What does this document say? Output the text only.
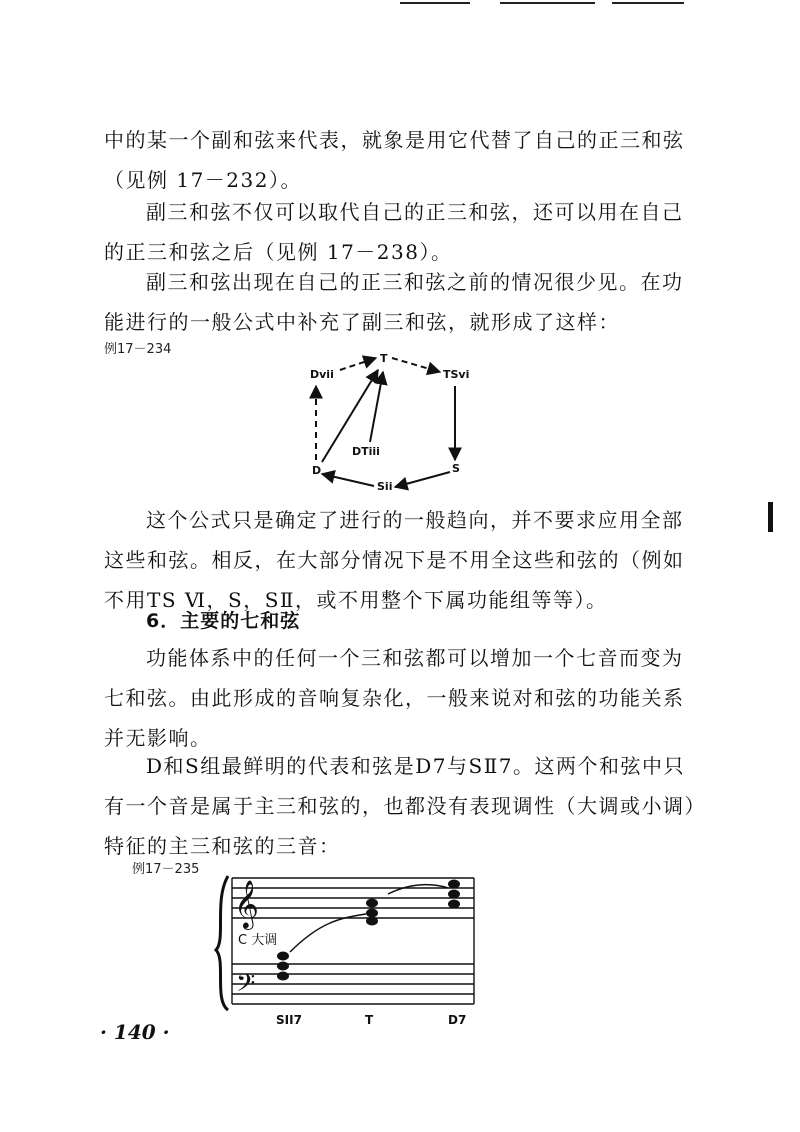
中的某一个副和弦来代表，就象是用它代替了自己的正三和弦（见例 17－232）。
副三和弦不仅可以取代自己的正三和弦，还可以用在自己的正三和弦之后（见例 17－238）。
副三和弦出现在自己的正三和弦之前的情况很少见。在功能进行的一般公式中补充了副三和弦，就形成了这样：
例17－234
T
Dvii	TSvi
DTiii
D	S
Sii
这个公式只是确定了进行的一般趋向，并不要求应用全部这些和弦。相反，在大部分情况下是不用全这些和弦的（例如不用TS Ⅵ，S，SⅡ，或不用整个下属功能组等等）。
6．主要的七和弦
功能体系中的任何一个三和弦都可以增加一个七音而变为七和弦。由此形成的音响复杂化，一般来说对和弦的功能关系并无影响。
D和S组最鲜明的代表和弦是D7与SⅡ7。这两个和弦中只有一个音是属于主三和弦的，也都没有表现调性（大调或小调）特征的主三和弦的三音：
例17－235
𝄞
𝄢
C 大调
SII7	T	D7
· 140 ·
